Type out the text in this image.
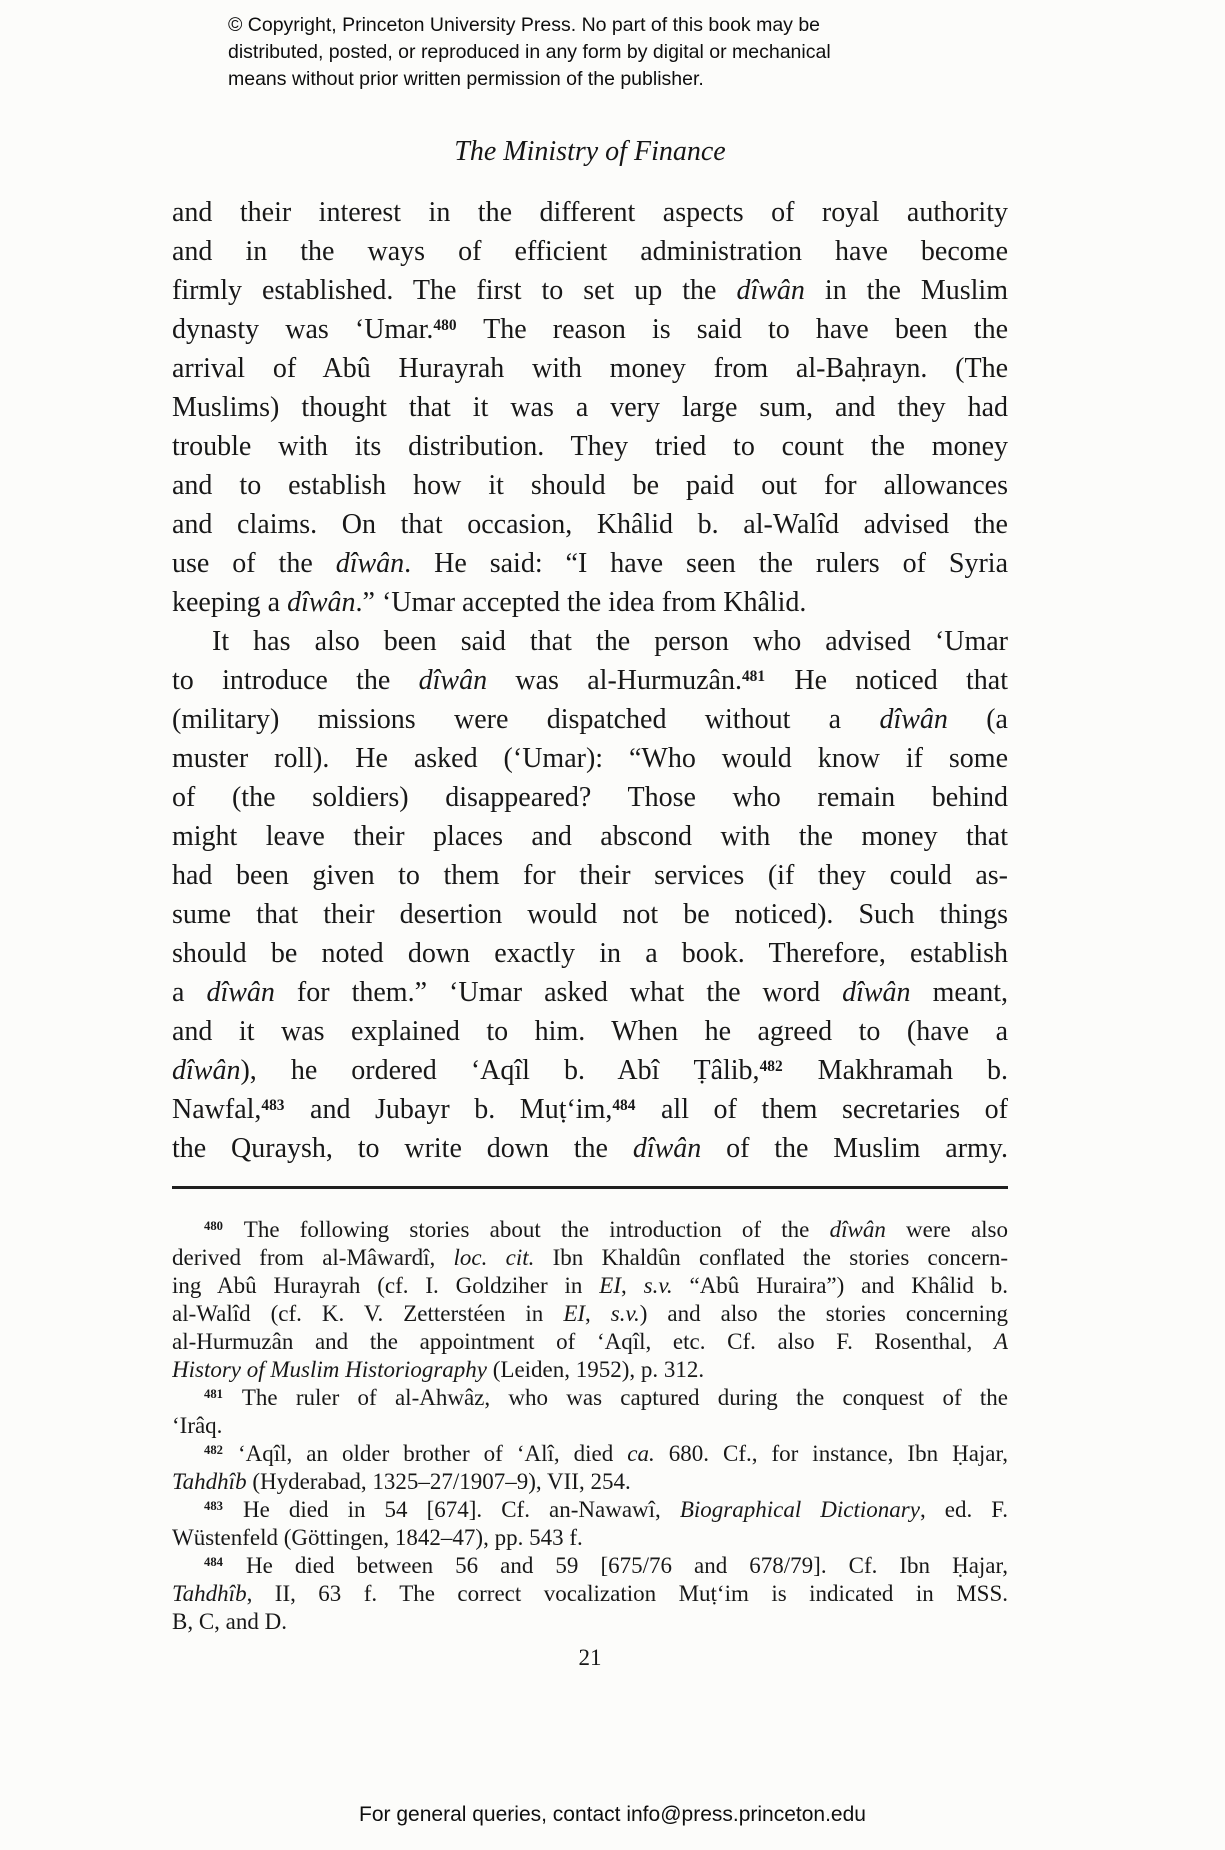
© Copyright, Princeton University Press. No part of this book may be
distributed, posted, or reproduced in any form by digital or mechanical
means without prior written permission of the publisher.
The Ministry of Finance
and their interest in the different aspects of royal authority
and in the ways of efficient administration have become
firmly established. The first to set up the dîwân in the Muslim
dynasty was ‘Umar.$^{480}$ The reason is said to have been the
arrival of Abû Hurayrah with money from al-Baḥrayn. (The
Muslims) thought that it was a very large sum, and they had
trouble with its distribution. They tried to count the money
and to establish how it should be paid out for allowances
and claims. On that occasion, Khâlid b. al-Walîd advised the
use of the dîwân. He said: “I have seen the rulers of Syria
keeping a dîwân.” ‘Umar accepted the idea from Khâlid.
It has also been said that the person who advised ‘Umar
to introduce the dîwân was al-Hurmuzân.$^{481}$ He noticed that
(military) missions were dispatched without a dîwân (a
muster roll). He asked (‘Umar): “Who would know if some
of (the soldiers) disappeared? Those who remain behind
might leave their places and abscond with the money that
had been given to them for their services (if they could as-
sume that their desertion would not be noticed). Such things
should be noted down exactly in a book. Therefore, establish
a dîwân for them.” ‘Umar asked what the word dîwân meant,
and it was explained to him. When he agreed to (have a
dîwân), he ordered ‘Aqîl b. Abî Ṭâlib,$^{482}$ Makhramah b.
Nawfal,$^{483}$ and Jubayr b. Muṭ‘im,$^{484}$ all of them secretaries of
the Quraysh, to write down the dîwân of the Muslim army.
$^{480}$ The following stories about the introduction of the dîwân were also
derived from al-Mâwardî, loc. cit. Ibn Khaldûn conflated the stories concern-
ing Abû Hurayrah (cf. I. Goldziher in EI, s.v. “Abû Huraira”) and Khâlid b.
al-Walîd (cf. K. V. Zetterstéen in EI, s.v.) and also the stories concerning
al-Hurmuzân and the appointment of ‘Aqîl, etc. Cf. also F. Rosenthal, A
History of Muslim Historiography (Leiden, 1952), p. 312.
$^{481}$ The ruler of al-Ahwâz, who was captured during the conquest of the
‘Irâq.
$^{482}$ ‘Aqîl, an older brother of ‘Alî, died ca. 680. Cf., for instance, Ibn Ḥajar,
Tahdhîb (Hyderabad, 1325–27/1907–9), VII, 254.
$^{483}$ He died in 54 [674]. Cf. an-Nawawî, Biographical Dictionary, ed. F.
Wüstenfeld (Göttingen, 1842–47), pp. 543 f.
$^{484}$ He died between 56 and 59 [675/76 and 678/79]. Cf. Ibn Ḥajar,
Tahdhîb, II, 63 f. The correct vocalization Muṭ‘im is indicated in MSS.
B, C, and D.
21
For general queries, contact info@press.princeton.edu
